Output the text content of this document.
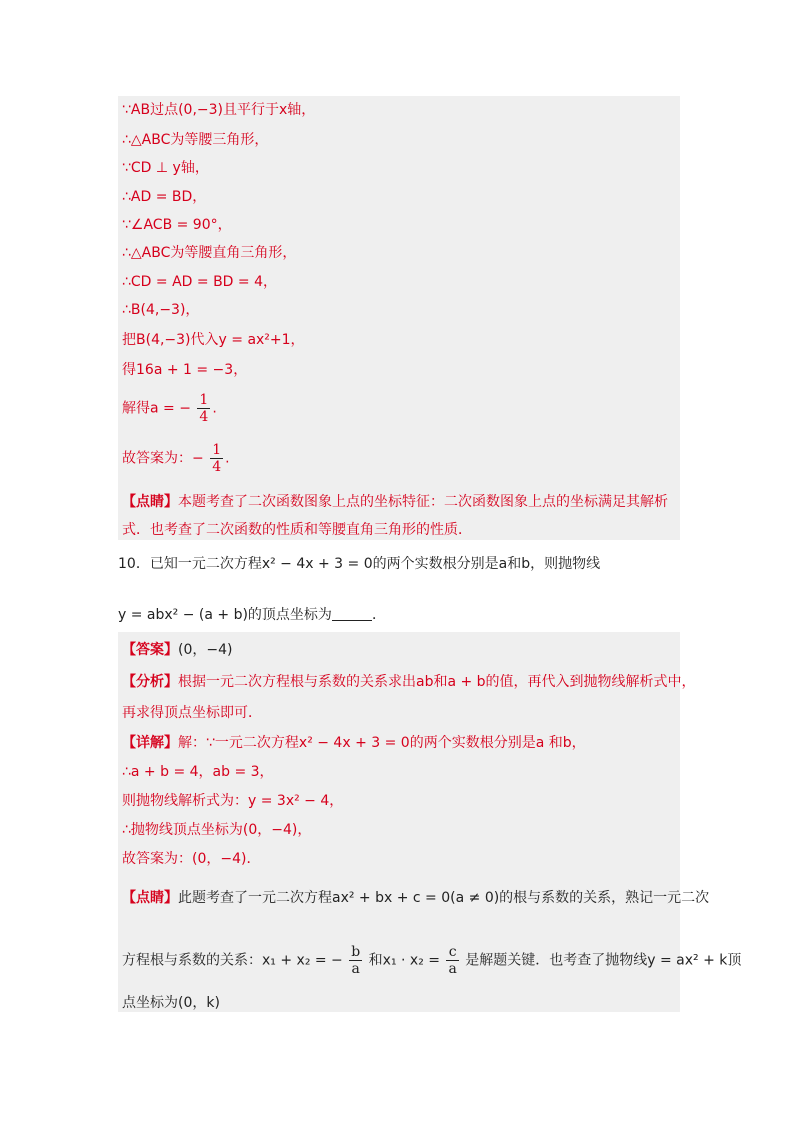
∵AB过点(0,−3)且平行于x轴，
∴△ABC为等腰三角形，
∵CD ⊥ y轴，
∴AD = BD，
∵∠ACB = 90°，
∴△ABC为等腰直角三角形，
∴CD = AD = BD = 4，
∴B(4,−3)，
把B(4,−3)代入y = ax²+1，
得16a + 1 = −3，
解得a = − $\frac{1}{4}$ .
故答案为：− $\frac{1}{4}$ .
【点睛】本题考查了二次函数图象上点的坐标特征：二次函数图象上点的坐标满足其解析
式．也考查了二次函数的性质和等腰直角三角形的性质．
10．已知一元二次方程x² − 4x + 3 = 0的两个实数根分别是a和b，则抛物线
y = abx² − (a + b)的顶点坐标为	．
【答案】(0，−4)
【分析】根据一元二次方程根与系数的关系求出ab和a + b的值，再代入到抛物线解析式中，
再求得顶点坐标即可．
【详解】解：∵一元二次方程x² − 4x + 3 = 0的两个实数根分别是a 和b，
∴a + b = 4，ab = 3，
则抛物线解析式为：y = 3x² − 4，
∴抛物线顶点坐标为(0，−4)，
故答案为：(0，−4)．
【点睛】此题考查了一元二次方程ax² + bx + c = 0(a ≠ 0)的根与系数的关系，熟记一元二次
方程根与系数的关系：x₁ + x₂ = − $\frac{b}{a}$ 和$x_1 \cdot x_2 = \frac{c}{a}$ 是解题关键．也考查了抛物线y = ax² + k顶
点坐标为(0，k)
